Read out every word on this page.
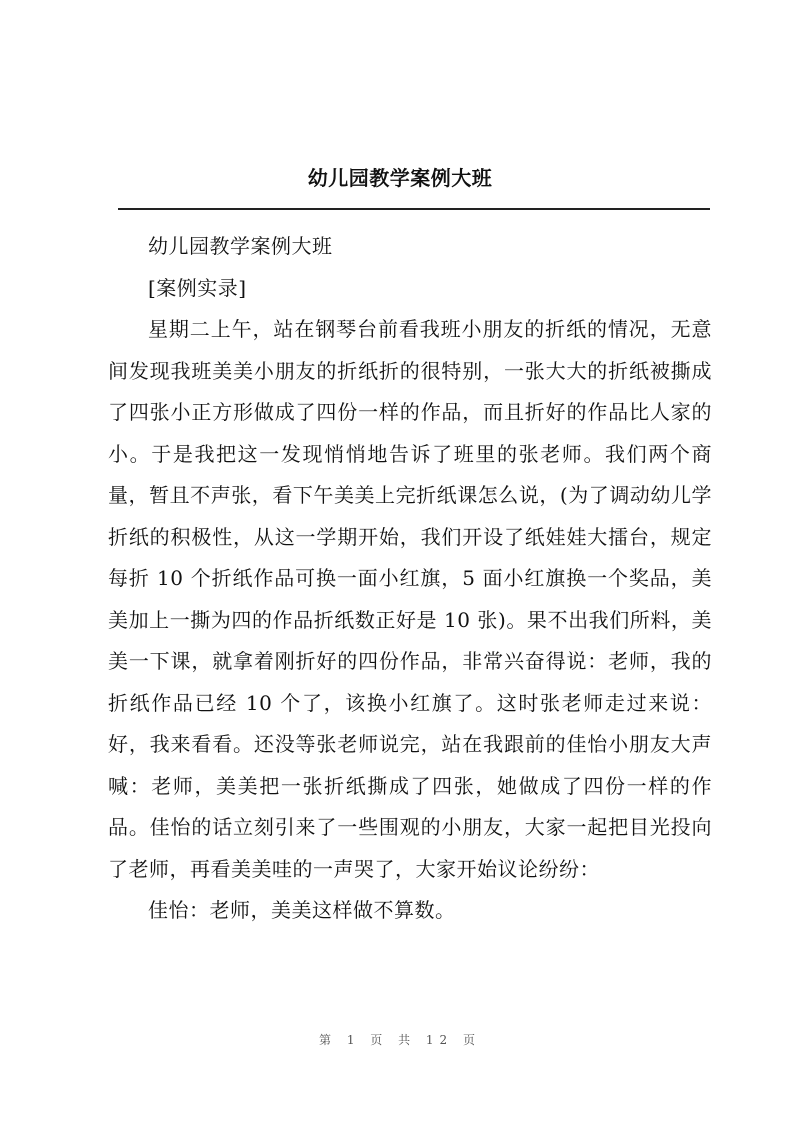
幼儿园教学案例大班

幼儿园教学案例大班

[案例实录]

星期二上午，站在钢琴台前看我班小朋友的折纸的情况，无意间发现我班美美小朋友的折纸折的很特别，一张大大的折纸被撕成了四张小正方形做成了四份一样的作品，而且折好的作品比人家的小。于是我把这一发现悄悄地告诉了班里的张老师。我们两个商量，暂且不声张，看下午美美上完折纸课怎么说，(为了调动幼儿学折纸的积极性，从这一学期开始，我们开设了纸娃娃大擂台，规定每折 10 个折纸作品可换一面小红旗，5 面小红旗换一个奖品，美美加上一撕为四的作品折纸数正好是 10 张)。果不出我们所料，美美一下课，就拿着刚折好的四份作品，非常兴奋得说：老师，我的折纸作品已经 10 个了，该换小红旗了。这时张老师走过来说：好，我来看看。还没等张老师说完，站在我跟前的佳怡小朋友大声喊：老师，美美把一张折纸撕成了四张，她做成了四份一样的作品。佳怡的话立刻引来了一些围观的小朋友，大家一起把目光投向了老师，再看美美哇的一声哭了，大家开始议论纷纷：

佳怡：老师，美美这样做不算数。

第 1 页 共 12 页
